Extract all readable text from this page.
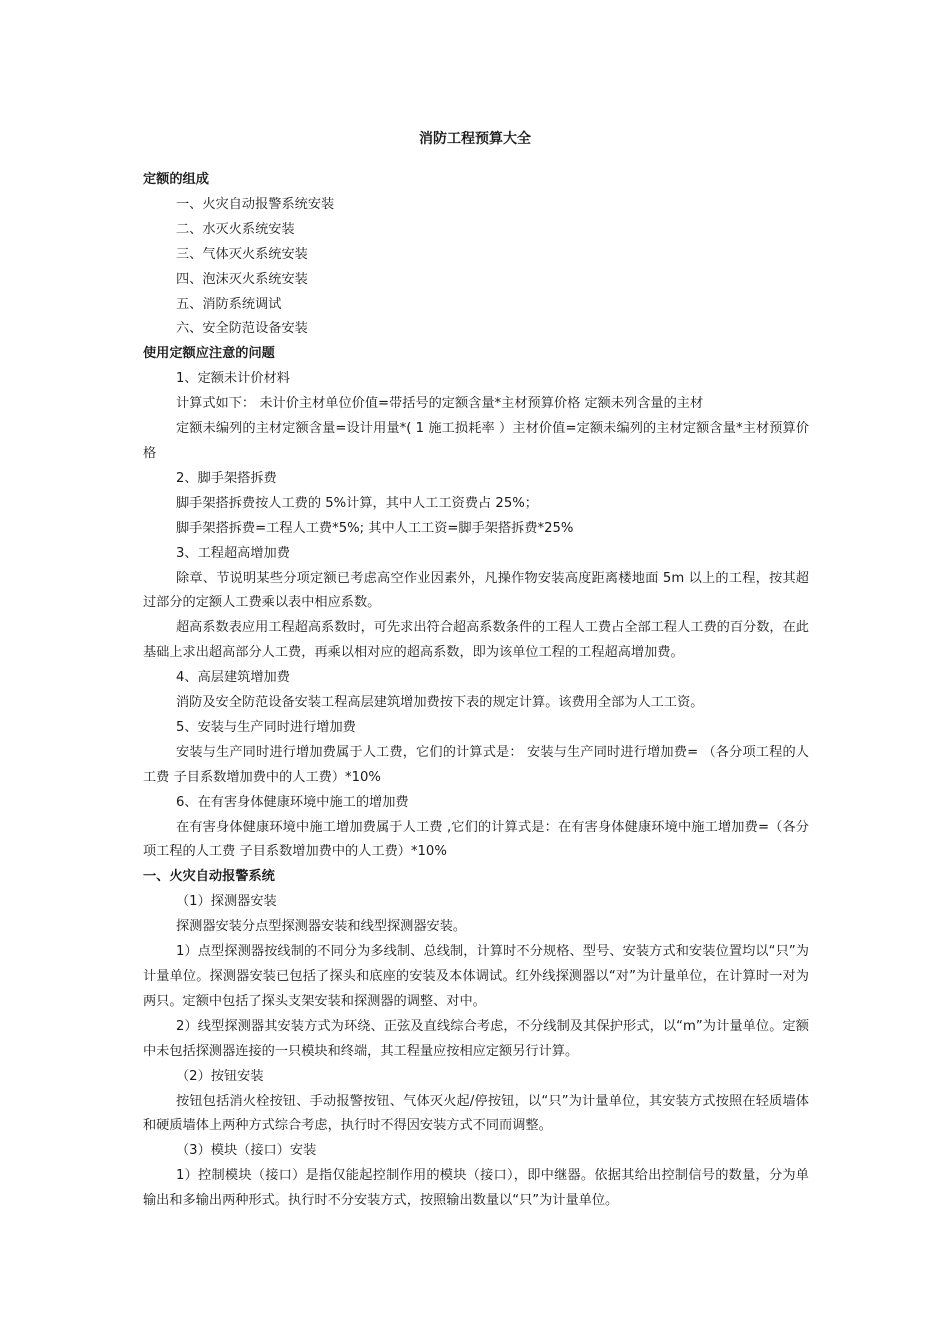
消防工程预算大全
定额的组成
一、火灾自动报警系统安装
二、水灭火系统安装
三、气体灭火系统安装
四、泡沫灭火系统安装
五、消防系统调试
六、安全防范设备安装
使用定额应注意的问题
1、定额未计价材料
计算式如下： 未计价主材单位价值=带括号的定额含量*主材预算价格 定额未列含量的主材
定额未编列的主材定额含量=设计用量*( 1 施工损耗率 ）主材价值=定额未编列的主材定额含量*主材预算价格
2、脚手架搭拆费
脚手架搭拆费按人工费的 5%计算，其中人工工资费占 25%；
脚手架搭拆费=工程人工费*5%; 其中人工工资=脚手架搭拆费*25%
3、工程超高增加费
除章、节说明某些分项定额已考虑高空作业因素外，凡操作物安装高度距离楼地面 5m 以上的工程，按其超过部分的定额人工费乘以表中相应系数。
超高系数表应用工程超高系数时，可先求出符合超高系数条件的工程人工费占全部工程人工费的百分数，在此基础上求出超高部分人工费，再乘以相对应的超高系数，即为该单位工程的工程超高增加费。
4、高层建筑增加费
消防及安全防范设备安装工程高层建筑增加费按下表的规定计算。该费用全部为人工工资。
5、安装与生产同时进行增加费
安装与生产同时进行增加费属于人工费，它们的计算式是： 安装与生产同时进行增加费= （各分项工程的人工费 子目系数增加费中的人工费）*10%
6、在有害身体健康环境中施工的增加费
在有害身体健康环境中施工增加费属于人工费 ,它们的计算式是：在有害身体健康环境中施工增加费=（各分项工程的人工费 子目系数增加费中的人工费）*10%
一、火灾自动报警系统
（1）探测器安装
探测器安装分点型探测器安装和线型探测器安装。
1）点型探测器按线制的不同分为多线制、总线制，计算时不分规格、型号、安装方式和安装位置均以“只”为计量单位。探测器安装已包括了探头和底座的安装及本体调试。红外线探测器以“对”为计量单位，在计算时一对为两只。定额中包括了探头支架安装和探测器的调整、对中。
2）线型探测器其安装方式为环绕、正弦及直线综合考虑，不分线制及其保护形式，以“m”为计量单位。定额中未包括探测器连接的一只模块和终端，其工程量应按相应定额另行计算。
（2）按钮安装
按钮包括消火栓按钮、手动报警按钮、气体灭火起/停按钮，以“只”为计量单位，其安装方式按照在轻质墙体和硬质墙体上两种方式综合考虑，执行时不得因安装方式不同而调整。
（3）模块（接口）安装
1）控制模块（接口）是指仅能起控制作用的模块（接口），即中继器。依据其给出控制信号的数量，分为单输出和多输出两种形式。执行时不分安装方式，按照输出数量以“只”为计量单位。
